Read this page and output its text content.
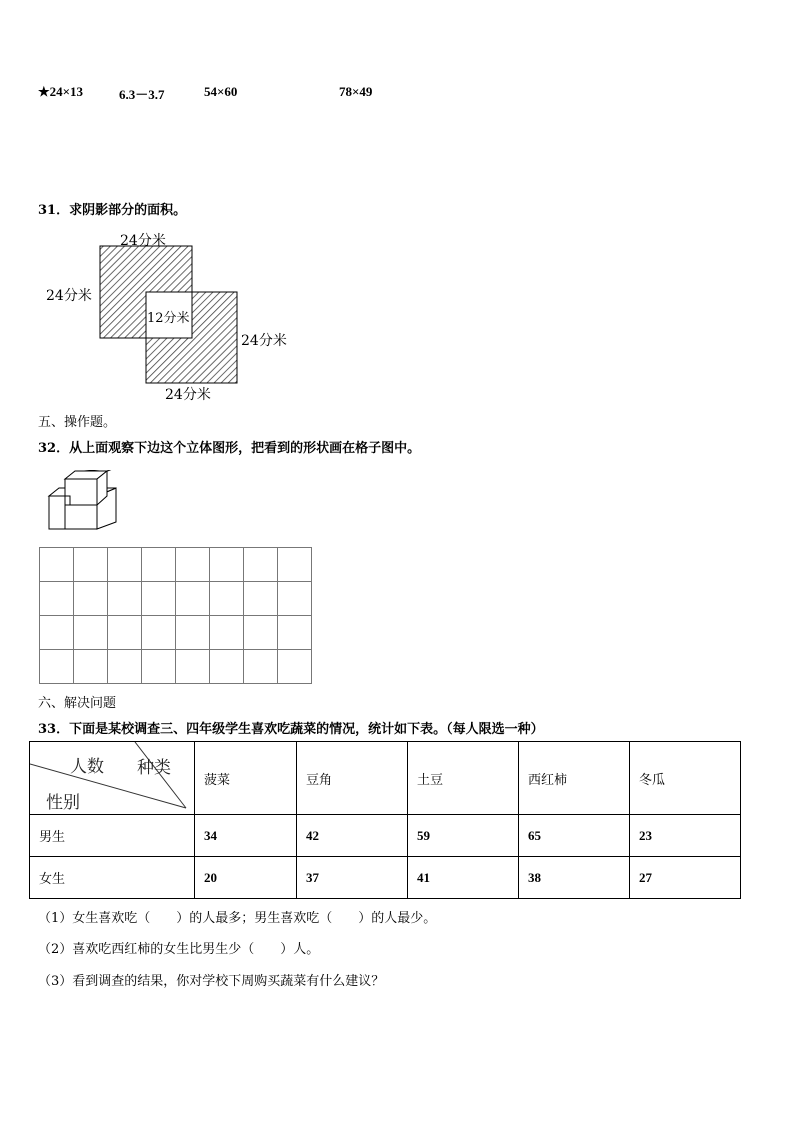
★24×13	6.3－3.7	54×60	78×49
31．求阴影部分的面积。
24分米
24分米
12分米
24分米
24分米
五、操作题。
32．从上面观察下边这个立体图形，把看到的形状画在格子图中。

六、解决问题
33．下面是某校调查三、四年级学生喜欢吃蔬菜的情况，统计如下表。（每人限选一种）
人数 种类
性别	菠菜	豆角	土豆	西红柿	冬瓜
男生	34	42	59	65	23
女生	20	37	41	38	27
（1）女生喜欢吃（　　）的人最多；男生喜欢吃（　　）的人最少。
（2）喜欢吃西红柿的女生比男生少（　　）人。
（3）看到调查的结果，你对学校下周购买蔬菜有什么建议？
